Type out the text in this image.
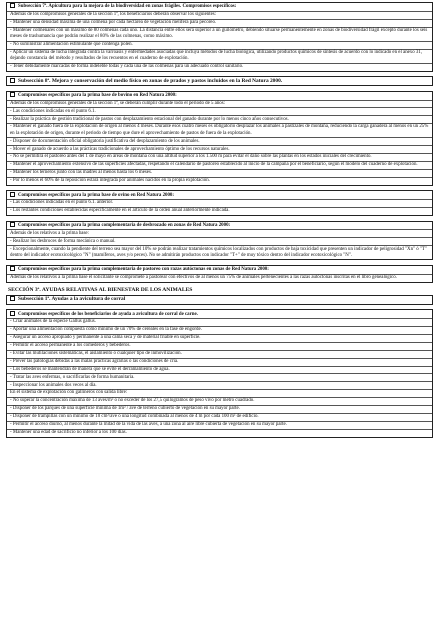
Subsección 7ª. Apicultura para la mejora de la biodiversidad en zonas frágiles. Compromisos específicos:
Además de los compromisos generales de la sección 1ª, los beneficiarios deberán observar los siguientes:
- Mantener una densidad máxima de una colmena por cada hectárea de vegetación melífera para pecoreo.
- Mantener colmenares con un máximo de 80 colmenas cada uno. La distancia entre ellos será superior a un guilómetro, debiendo situarse permanentemente en zonas de biodiversidad frágil excepto durante los seis meses de trashumancia que podrán realizar el 80% de las colmenas, como máximo.
- No suministrar alimentación estimulante que contenga polen.
- Aplicar un sistema de lucha integrada contra la varroasis y enfermedades asociadas que incluya métodos de lucha biológica, utilizando productos químicos de síntesis de acuerdo con lo indicado en el anexo 31, dejando constancia del método y resultados de los recuentos en el cuaderno de explotación.
- Tener debidamente marcadas de forma indeleble todas y cada una de las colmenas para un adecuado control sanitario.
Subsección 8ª. Mejora y conservación del medio físico en zonas de prados y pastos incluidos en la Red Natura 2000.
Compromisos específicos para la prima base de bovino en Red Natura 2000:
Además de los compromisos generales de la sección 1ª, se deberán cumplir durante todo el periodo de 5 años:
- Las condiciones indicadas en el punto 6.1.
- Realizar la práctica de gestión tradicional de pastos con desplazamiento estacional del ganado durante por lo menos cinco años consecutivos.
- Mantener el ganado fuera de la explotación de origen al menos 4 meses. Durante esos cuatro meses es obligatorio desplazar los animales a pastizales de montaña, reduciendo la carga ganadera al menos en un 25% en la explotación de origen, durante el periodo de tiempo que dure el aprovechamiento de pastos de fuera de la explotación.
- Disponer de documentación oficial obligatoria justificativa del desplazamiento de los animales.
- Mover el ganado de acuerdo a las prácticas tradicionales de aprovechamiento óptimo de los recursos naturales.
- No se permitirá el pastoreo antes del 1 de mayo en áreas de montaña con una altitud superior a los 1.500 m para evitar el daño sobre las plantas en los estados iniciales del crecimiento.
- Mantener el aprovechamiento extensivo de las superficies afectadas, respetando el calendario de pastoreo establecido al inicio de la campaña por el beneficiario, según el modelo del cuaderno de explotación.
- Mantener los terneros junto con las madres al menos hasta los 6 meses.
- Por lo menos el 60% de la reposición estará integrada por animales nacidos en la propia explotación.
Compromisos específicos para la prima base de ovino en Red Natura 2000:
- Las condiciones indicadas en el punto 6.1. anterior.
- Los restantes condiciones establecidas específicamente en el artículo de la orden anual anteriormente indicada.
Compromisos específicos para la prima complementaria de desbrozado en zonas de Red Natura 2000:
Además de los relativos a la prima base:
- Realizar los desbroces de forma mecánica o manual.
- Excepcionalmente, cuando la pendiente del terreno sea mayor del 10% se podrán realizar tratamientos químicos localizados con productos de baja toxicidad que presenten un indicador de peligrosidad "Xn" ó "T" dentro del indicador ecotoxicológico "N" (mamíferos, aves y/o peces). No se admitirán productos con indicador "T+" de muy tóxico dentro del indicador ecotoxicológico "N".
Compromisos específicos para la prima complementaria de pastoreo con razas autóctonas en zonas de Red Natura 2000:
Además de los relativos a la prima base el solicitante se compromete a pastorear con efectivos de al menos un 75% de animales pertenecientes a las razas autóctonas inscritas en el libro genealógico.
SECCIÓN 3ª. AYUDAS RELATIVAS AL BIENESTAR DE LOS ANIMALES
Subsección 1ª. Ayudas a la avicultura de corral
Compromisos específicos de los beneficiarios de ayuda a avicultura de corral de carne.
- Criar animales de la especie Gallus gallus.
- Aportar una alimentación compuesta como mínimo de un 70% de cereales en la fase de engorde.
- Asegurar un acceso apropiado y permanente a una cama seca y de material friable en superficie.
- Permitir el acceso permanente a los comederos y bebederos.
- Evitar las mutilaciones sistemáticas, el aislamiento o cualquier tipo de inmovilización.
- Prever las patologías debidas a las malas prácticas agrarias o las condiciones de cría.
- Los bebederos se mantendrán de manera que se evite el derramamiento de agua.
- Tratar las aves enfermas, o sacrificarlas de forma humanitaria.
- Inspeccionar los animales dos veces al día.
En el sistema de explotación con gallineros con salida libre:
- No superar la concentración máxima de 13 aves/m² o no exceder de los 27,5 quilogramos de peso vivo por metro cuadrado.
- Disponer de los parques de una superficie mínima de 1m² / ave de terreno cubierto de vegetación en su mayor parte.
- Disponer de trampillas con un mínimo de 10 cm²/ave o una longitud combinada al menos de 4 m por cada 100 m² de edificio.
- Permitir el acceso diurno, al menos durante la mitad de la vida de las aves, a una zona al aire libre cubierta de vegetación en su mayor parte.
- Mantener una edad de sacrificio no inferior a los 100 días.
